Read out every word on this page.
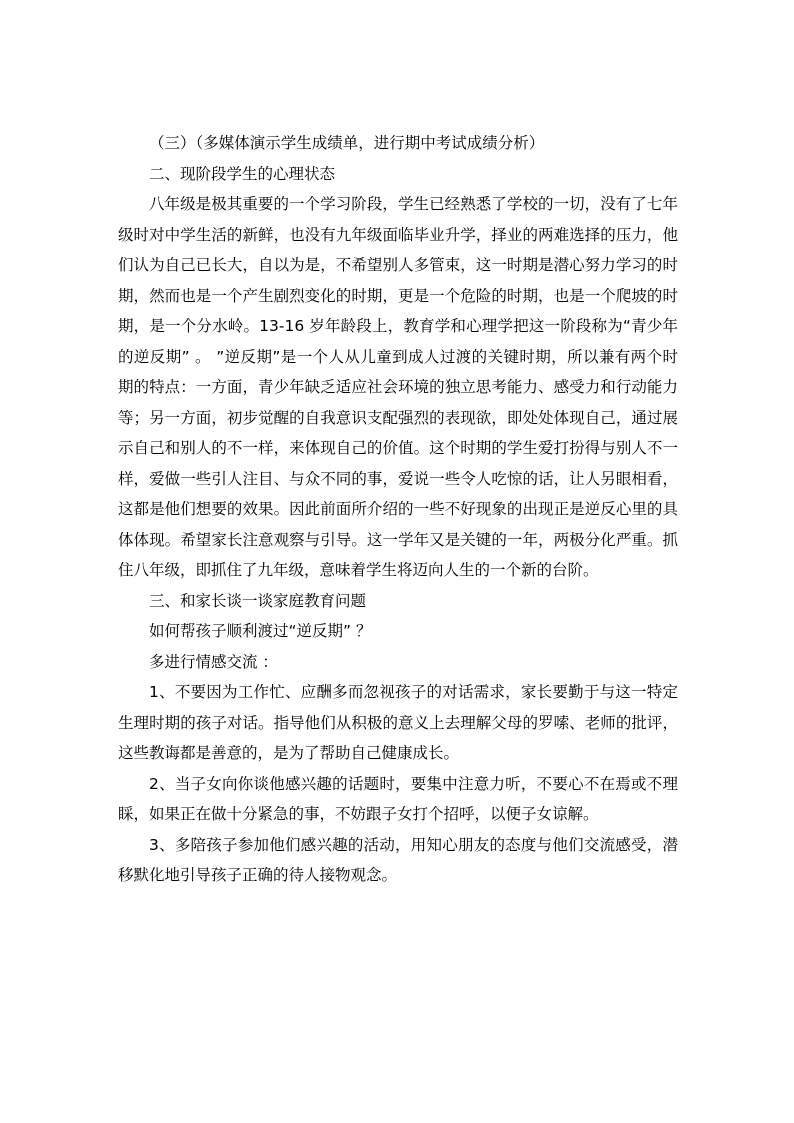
（三）（多媒体演示学生成绩单，进行期中考试成绩分析）

二、现阶段学生的心理状态

八年级是极其重要的一个学习阶段，学生已经熟悉了学校的一切，没有了七年级时对中学生活的新鲜，也没有九年级面临毕业升学，择业的两难选择的压力，他们认为自己已长大，自以为是，不希望别人多管束，这一时期是潜心努力学习的时期，然而也是一个产生剧烈变化的时期，更是一个危险的时期，也是一个爬坡的时期，是一个分水岭。13-16 岁年龄段上，教育学和心理学把这一阶段称为“青少年的逆反期” 。 ”逆反期”是一个人从儿童到成人过渡的关键时期，所以兼有两个时期的特点：一方面，青少年缺乏适应社会环境的独立思考能力、感受力和行动能力等；另一方面，初步觉醒的自我意识支配强烈的表现欲，即处处体现自己，通过展示自己和别人的不一样，来体现自己的价值。这个时期的学生爱打扮得与别人不一样，爱做一些引人注目、与众不同的事，爱说一些令人吃惊的话，让人另眼相看，这都是他们想要的效果。因此前面所介绍的一些不好现象的出现正是逆反心里的具体体现。希望家长注意观察与引导。这一学年又是关键的一年，两极分化严重。抓住八年级，即抓住了九年级，意味着学生将迈向人生的一个新的台阶。

三、和家长谈一谈家庭教育问题

如何帮孩子顺利渡过“逆反期” ？

多进行情感交流 ：

1、不要因为工作忙、应酬多而忽视孩子的对话需求，家长要勤于与这一特定生理时期的孩子对话。指导他们从积极的意义上去理解父母的罗嗦、老师的批评，这些教诲都是善意的，是为了帮助自己健康成长。

2、当子女向你谈他感兴趣的话题时，要集中注意力听，不要心不在焉或不理睬，如果正在做十分紧急的事，不妨跟子女打个招呼，以便子女谅解。

3、多陪孩子参加他们感兴趣的活动，用知心朋友的态度与他们交流感受，潜移默化地引导孩子正确的待人接物观念。
